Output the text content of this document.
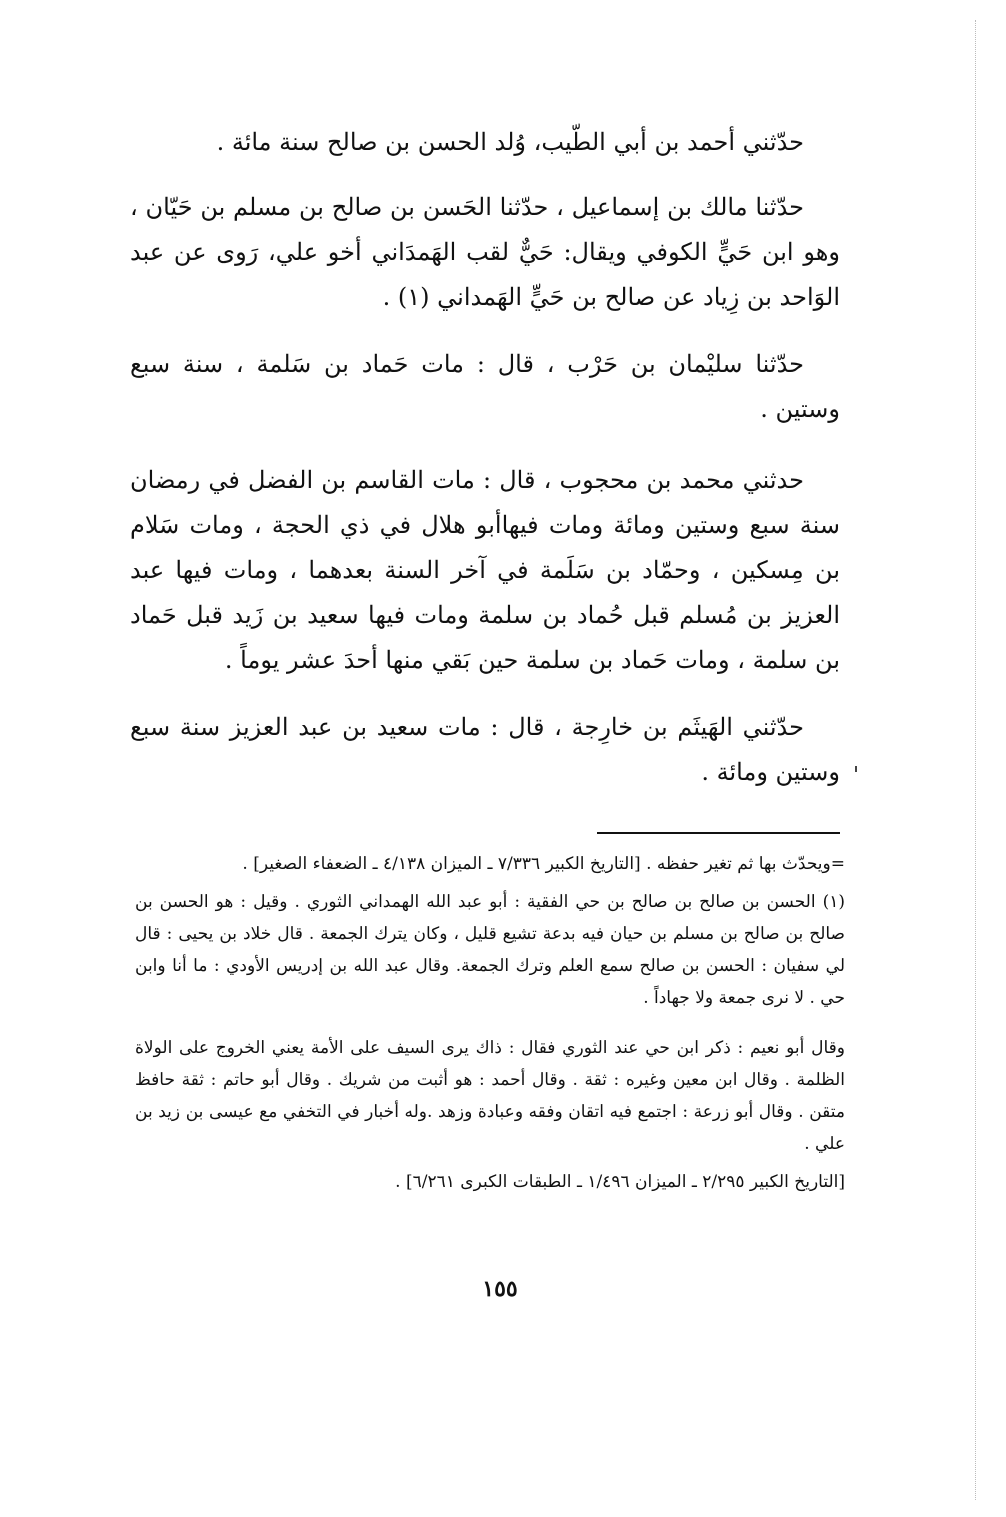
حدّثني أحمد بن أبي الطّيب، وُلد الحسن بن صالح سنة مائة .

حدّثنا مالك بن إسماعيل ، حدّثنا الحَسن بن صالح بن مسلم بن حَيّان ، وهو ابن حَيٍّ الكوفي ويقال: حَيٌّ لقب الهَمدَاني أخو علي، رَوى عن عبد الوَاحد بن زِياد عن صالح بن حَيٍّ الهَمداني (١) .

حدّثنا سليْمان بن حَرْب ، قال : مات حَماد بن سَلمة ، سنة سبع وستين .

حدثني محمد بن محجوب ، قال : مات القاسم بن الفضل في رمضان سنة سبع وستين ومائة ومات فيهاأبو هلال في ذي الحجة ، ومات سَلام بن مِسكين ، وحمّاد بن سَلَمة في آخر السنة بعدهما ، ومات فيها عبد العزيز بن مُسلم قبل حُماد بن سلمة ومات فيها سعيد بن زَيد قبل حَماد بن سلمة ، ومات حَماد بن سلمة حين بَقي منها أحدَ عشر يوماً .

حدّثني الهَيثَم بن خارِجة ، قال : مات سعيد بن عبد العزيز سنة سبع وستين ومائة .

=ويحدّث بها ثم تغير حفظه . [التاريخ الكبير ٧/٣٣٦ ـ الميزان ٤/١٣٨ ـ الضعفاء الصغير] .

(١) الحسن بن صالح بن صالح بن حي الفقية : أبو عبد الله الهمداني الثوري . وقيل : هو الحسن بن صالح بن صالح بن مسلم بن حيان فيه بدعة تشيع قليل ، وكان يترك الجمعة . قال خلاد بن يحيى : قال لي سفيان : الحسن بن صالح سمع العلم وترك الجمعة. وقال عبد الله بن إدريس الأودي : ما أنا وابن حي . لا نرى جمعة ولا جهاداً .

وقال أبو نعيم : ذكر ابن حي عند الثوري فقال : ذاك يرى السيف على الأمة يعني الخروج على الولاة الظلمة . وقال ابن معين وغيره : ثقة . وقال أحمد : هو أثبت من شريك . وقال أبو حاتم : ثقة حافظ متقن . وقال أبو زرعة : اجتمع فيه اتقان وفقه وعبادة وزهد .وله أخبار في التخفي مع عيسى بن زيد بن علي .

[التاريخ الكبير ٢/٢٩٥ ـ الميزان ١/٤٩٦ ـ الطبقات الكبرى ٦/٢٦١] .

١٥٥
